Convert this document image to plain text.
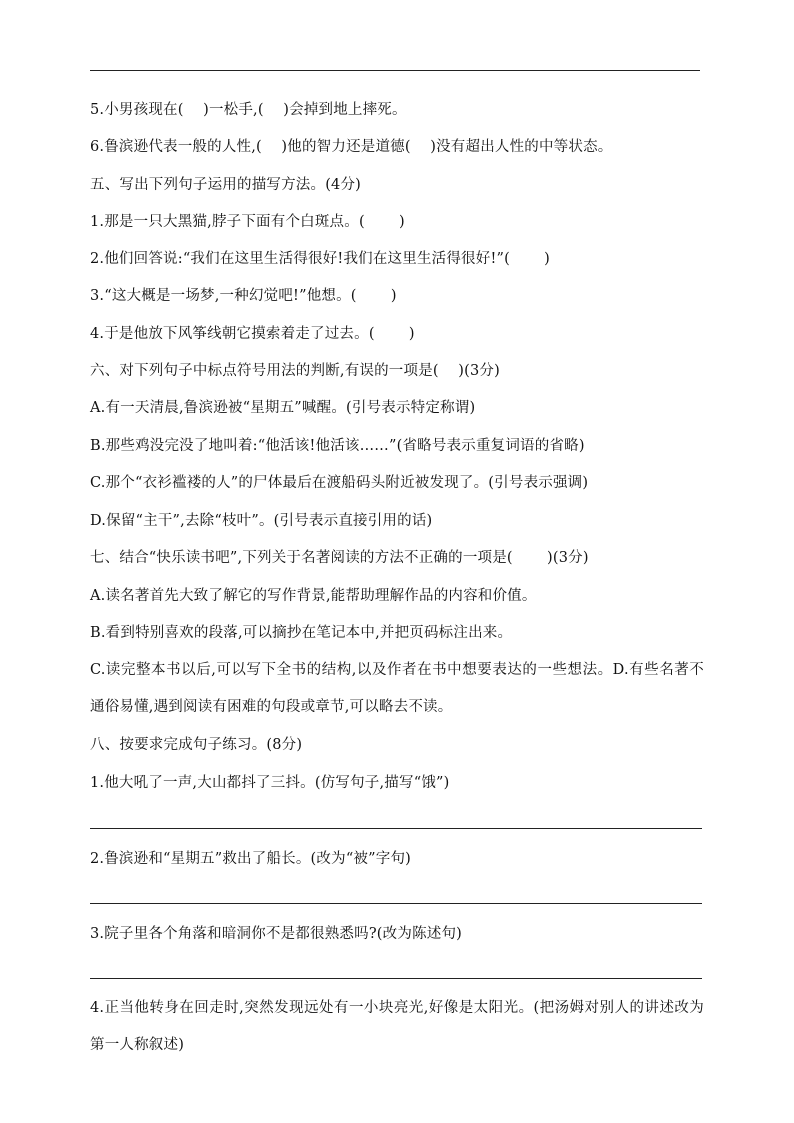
5.小男孩现在(　 )一松手,(　 )会掉到地上摔死。
6.鲁滨逊代表一般的人性,(　 )他的智力还是道德(　 )没有超出人性的中等状态。
五、写出下列句子运用的描写方法。(4分)
1.那是一只大黑猫,脖子下面有个白斑点。(　 　)
2.他们回答说:“我们在这里生活得很好!我们在这里生活得很好!”(　 　)
3.“这大概是一场梦,一种幻觉吧!”他想。(　 　)
4.于是他放下风筝线朝它摸索着走了过去。(　 　)
六、对下列句子中标点符号用法的判断,有误的一项是(　 )(3分)
A.有一天清晨,鲁滨逊被“星期五”喊醒。(引号表示特定称谓)
B.那些鸡没完没了地叫着:“他活该!他活该……”(省略号表示重复词语的省略)
C.那个“衣衫褴褛的人”的尸体最后在渡船码头附近被发现了。(引号表示强调)
D.保留“主干”,去除“枝叶”。(引号表示直接引用的话)
七、结合“快乐读书吧”,下列关于名著阅读的方法不正确的一项是(　 　)(3分)
A.读名著首先大致了解它的写作背景,能帮助理解作品的内容和价值。
B.看到特别喜欢的段落,可以摘抄在笔记本中,并把页码标注出来。
C.读完整本书以后,可以写下全书的结构,以及作者在书中想要表达的一些想法。D.有些名著不通俗易懂,遇到阅读有困难的句段或章节,可以略去不读。
八、按要求完成句子练习。(8分)
1.他大吼了一声,大山都抖了三抖。(仿写句子,描写“饿”)
2.鲁滨逊和“星期五”救出了船长。(改为“被”字句)
3.院子里各个角落和暗洞你不是都很熟悉吗?(改为陈述句)
4.正当他转身在回走时,突然发现远处有一小块亮光,好像是太阳光。(把汤姆对别人的讲述改为第一人称叙述)
